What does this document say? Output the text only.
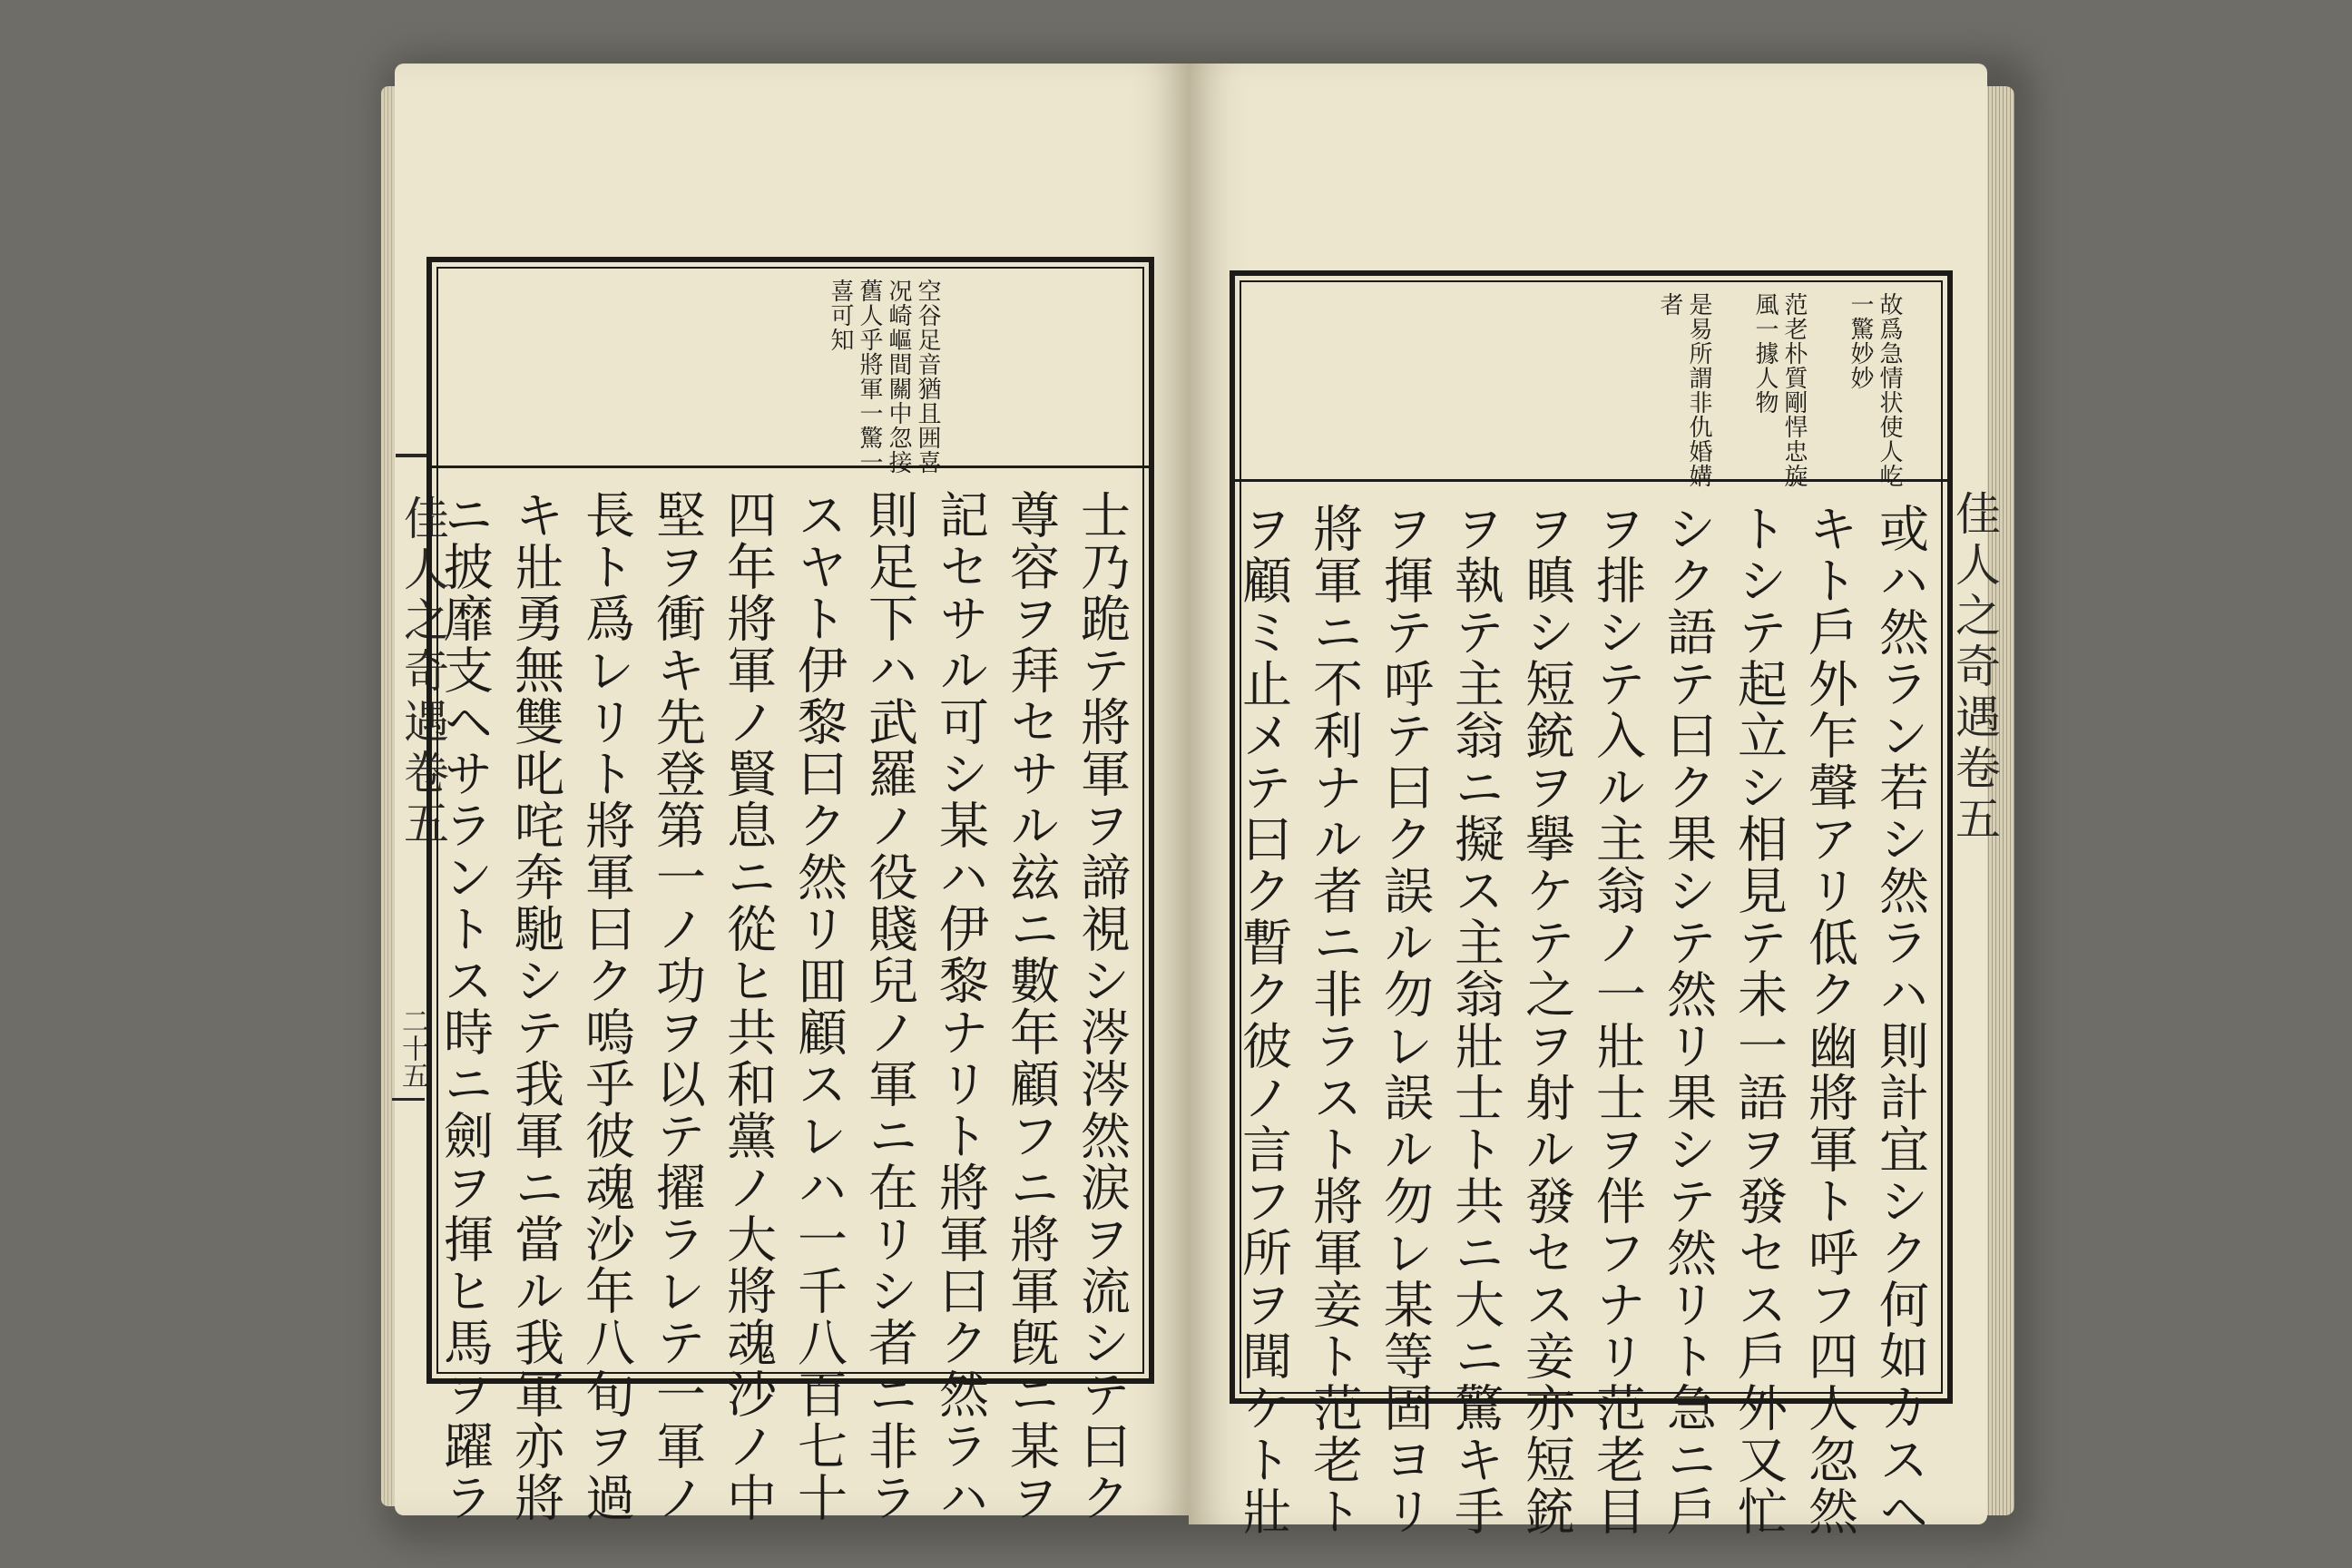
佳人之奇遇卷五
二十五
佳人之奇遇卷五
空谷足音猶且囲喜
况崎嶇間關中忽接
舊人乎將軍一驚一
喜可知
士乃跪テ將軍ヲ諦視シ涔涔然涙ヲ流シテ曰ク
尊容ヲ拜セサル玆ニ數年顧フニ將軍旣ニ某ヲ
記セサル可シ某ハ伊黎ナリト將軍曰ク然ラハ
則足下ハ武羅ノ役賤兒ノ軍ニ在リシ者ニ非ラ
スヤト伊黎曰ク然リ囬顧スレハ一千八百七十
四年將軍ノ賢息ニ從ヒ共和黨ノ大將魂沙ノ中
堅ヲ衝キ先登第一ノ功ヲ以テ擢ラレテ一軍ノ
長ト爲レリト將軍曰ク嗚乎彼魂沙年八旬ヲ過
キ壯勇無雙叱咤奔馳シテ我軍ニ當ル我軍亦將
ニ披靡支ヘサラントス時ニ劍ヲ揮ヒ馬ヲ躍ラ
故爲急情状使人屹
一驚妙妙
范老朴質剛悍忠旋
風一據人物
是易所謂非仇婚媾
者
或ハ然ラン若シ然ラハ則計宜シク何如カスヘ
キト戶外乍聲アリ低ク幽將軍ト呼フ四人忽然
トシテ起立シ相見テ未一語ヲ發セス戶外又忙
シク語テ曰ク果シテ然リ果シテ然リト急ニ戶
ヲ排シテ入ル主翁ノ一壯士ヲ伴フナリ范老目
ヲ瞋シ短銃ヲ擧ケテ之ヲ射ル發セス妾亦短銃
ヲ執テ主翁ニ擬ス主翁壯士ト共ニ大ニ驚キ手
ヲ揮テ呼テ曰ク誤ル勿レ誤ル勿レ某等固ヨリ
將軍ニ不利ナル者ニ非ラスト將軍妾ト范老ト
ヲ顧ミ止メテ曰ク暫ク彼ノ言フ所ヲ聞ケト壯
